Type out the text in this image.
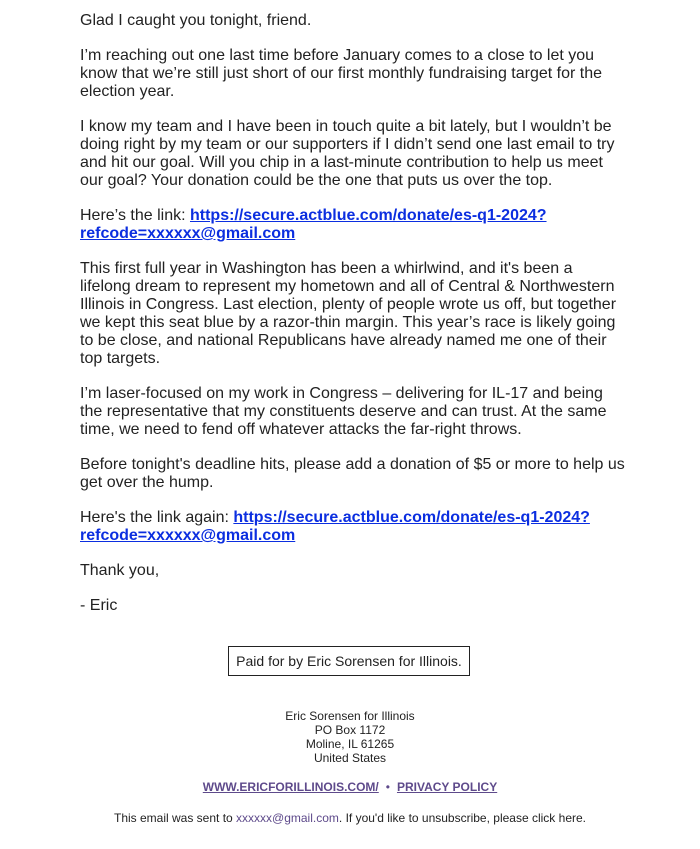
Glad I caught you tonight, friend.

I’m reaching out one last time before January comes to a close to let you know that we’re still just short of our first monthly fundraising target for the election year.

I know my team and I have been in touch quite a bit lately, but I wouldn’t be doing right by my team or our supporters if I didn’t send one last email to try and hit our goal. Will you chip in a last-minute contribution to help us meet our goal? Your donation could be the one that puts us over the top.

Here’s the link: https://secure.actblue.com/donate/es-q1-2024?refcode=xxxxxx@gmail.com

This first full year in Washington has been a whirlwind, and it's been a lifelong dream to represent my hometown and all of Central & Northwestern Illinois in Congress. Last election, plenty of people wrote us off, but together we kept this seat blue by a razor-thin margin. This year’s race is likely going to be close, and national Republicans have already named me one of their top targets.

I’m laser-focused on my work in Congress – delivering for IL-17 and being the representative that my constituents deserve and can trust. At the same time, we need to fend off whatever attacks the far-right throws.

Before tonight's deadline hits, please add a donation of $5 or more to help us get over the hump.

Here's the link again: https://secure.actblue.com/donate/es-q1-2024?refcode=xxxxxx@gmail.com

Thank you,

- Eric

Paid for by Eric Sorensen for Illinois.
Eric Sorensen for Illinois
PO Box 1172
Moline, IL 61265
United States
WWW.ERICFORILLINOIS.COM/ • PRIVACY POLICY
This email was sent to xxxxxx@gmail.com. If you'd like to unsubscribe, please click here.
